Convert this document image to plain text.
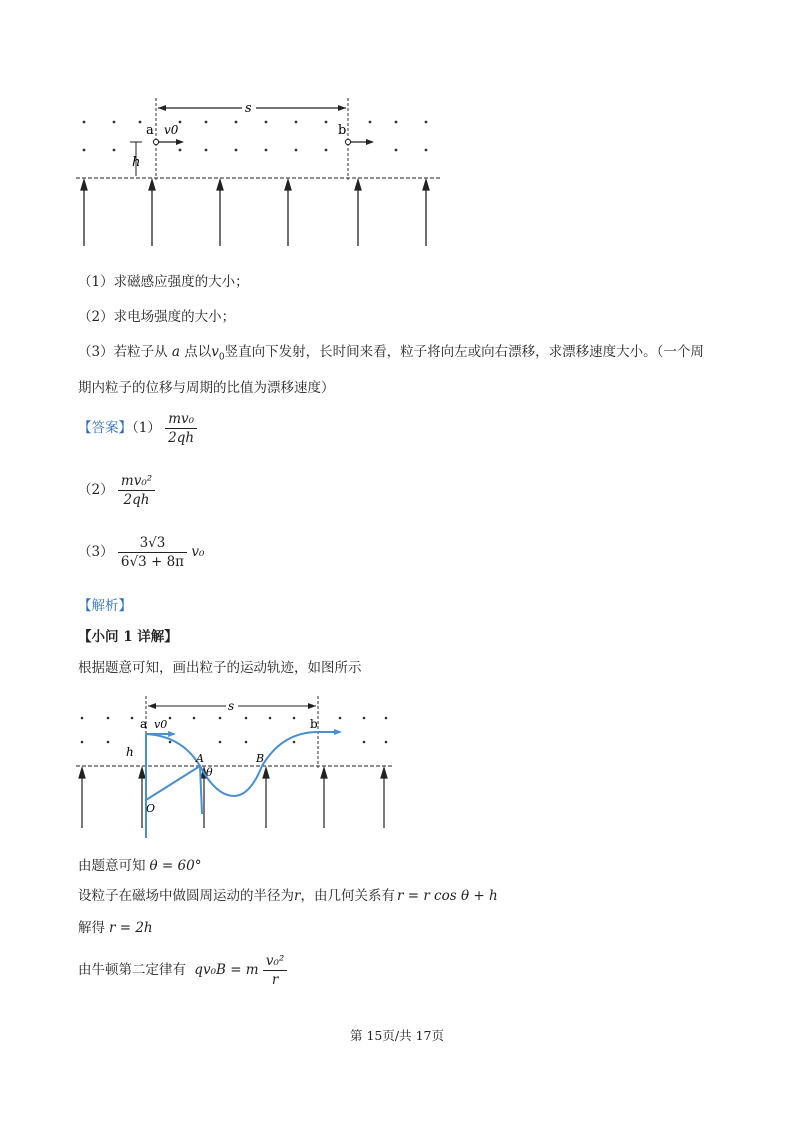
s
a v0	b
h
（1）求磁感应强度的大小；
（2）求电场强度的大小；
（3）若粒子从 a 点以$v_0$竖直向下发射，长时间来看，粒子将向左或向右漂移，求漂移速度大小。（一个周
期内粒子的位移与周期的比值为漂移速度）
【答案】$(1) \frac{\text{mv₀}}{2qh}$
$(2) \frac{\text{mv₀²}}{2qh}$
$(3) \frac{3√3}{6√3 + 8\pi} v_0$
【解析】
【小问 1 详解】
根据题意可知，画出粒子的运动轨迹，如图所示
s
a v0	b
h	A	B
θ
O
由题意可知 θ = 60°
设粒子在磁场中做圆周运动的半径为r，由几何关系有 r = r cos θ + h
解得 r = 2h
由牛顿第二定律有 qv₀B = m $\frac{\text{v₀²}}{r}$
第 15页/共 17页
